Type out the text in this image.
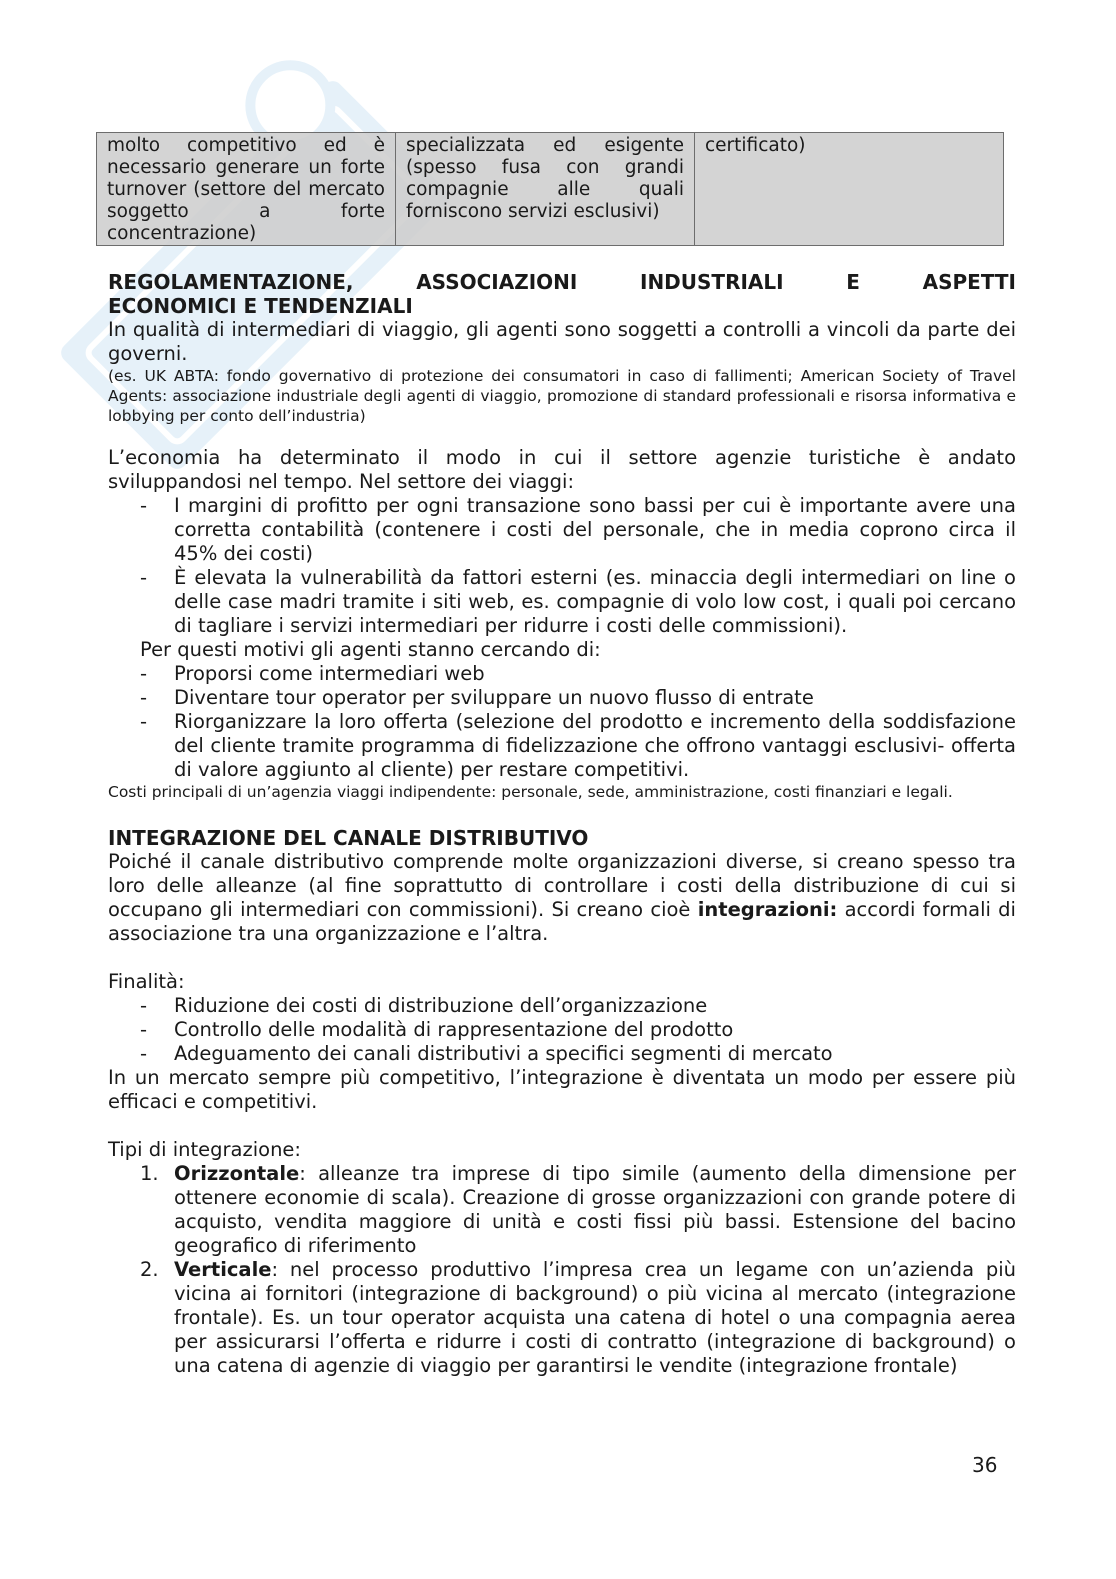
molto competitivo ed è necessario generare un forte turnover (settore del mercato soggetto a forte concentrazione)	specializzata ed esigente (spesso fusa con grandi compagnie alle quali forniscono servizi esclusivi)	certificato)

REGOLAMENTAZIONE, ASSOCIAZIONI INDUSTRIALI E ASPETTI

ECONOMICI E TENDENZIALI

In qualità di intermediari di viaggio, gli agenti sono soggetti a controlli a vincoli da parte dei governi.

(es. UK ABTA: fondo governativo di protezione dei consumatori in caso di fallimenti; American Society of Travel Agents: associazione industriale degli agenti di viaggio, promozione di standard professionali e risorsa informativa e lobbying per conto dell’industria)

L’economia ha determinato il modo in cui il settore agenzie turistiche è andato sviluppandosi nel tempo. Nel settore dei viaggi:

- I margini di profitto per ogni transazione sono bassi per cui è importante avere una corretta contabilità (contenere i costi del personale, che in media coprono circa il 45% dei costi)
- È elevata la vulnerabilità da fattori esterni (es. minaccia degli intermediari on line o delle case madri tramite i siti web, es. compagnie di volo low cost, i quali poi cercano di tagliare i servizi intermediari per ridurre i costi delle commissioni).

Per questi motivi gli agenti stanno cercando di:

- Proporsi come intermediari web
- Diventare tour operator per sviluppare un nuovo flusso di entrate
- Riorganizzare la loro offerta (selezione del prodotto e incremento della soddisfazione del cliente tramite programma di fidelizzazione che offrono vantaggi esclusivi- offerta di valore aggiunto al cliente) per restare competitivi.

Costi principali di un’agenzia viaggi indipendente: personale, sede, amministrazione, costi finanziari e legali.

INTEGRAZIONE DEL CANALE DISTRIBUTIVO

Poiché il canale distributivo comprende molte organizzazioni diverse, si creano spesso tra loro delle alleanze (al fine soprattutto di controllare i costi della distribuzione di cui si occupano gli intermediari con commissioni). Si creano cioè integrazioni: accordi formali di associazione tra una organizzazione e l’altra.

Finalità:

- Riduzione dei costi di distribuzione dell’organizzazione
- Controllo delle modalità di rappresentazione del prodotto
- Adeguamento dei canali distributivi a specifici segmenti di mercato

In un mercato sempre più competitivo, l’integrazione è diventata un modo per essere più efficaci e competitivi.

Tipi di integrazione:

1. Orizzontale: alleanze tra imprese di tipo simile (aumento della dimensione per ottenere economie di scala). Creazione di grosse organizzazioni con grande potere di acquisto, vendita maggiore di unità e costi fissi più bassi. Estensione del bacino geografico di riferimento
2. Verticale: nel processo produttivo l’impresa crea un legame con un’azienda più vicina ai fornitori (integrazione di background) o più vicina al mercato (integrazione frontale). Es. un tour operator acquista una catena di hotel o una compagnia aerea per assicurarsi l’offerta e ridurre i costi di contratto (integrazione di background) o una catena di agenzie di viaggio per garantirsi le vendite (integrazione frontale)
36
